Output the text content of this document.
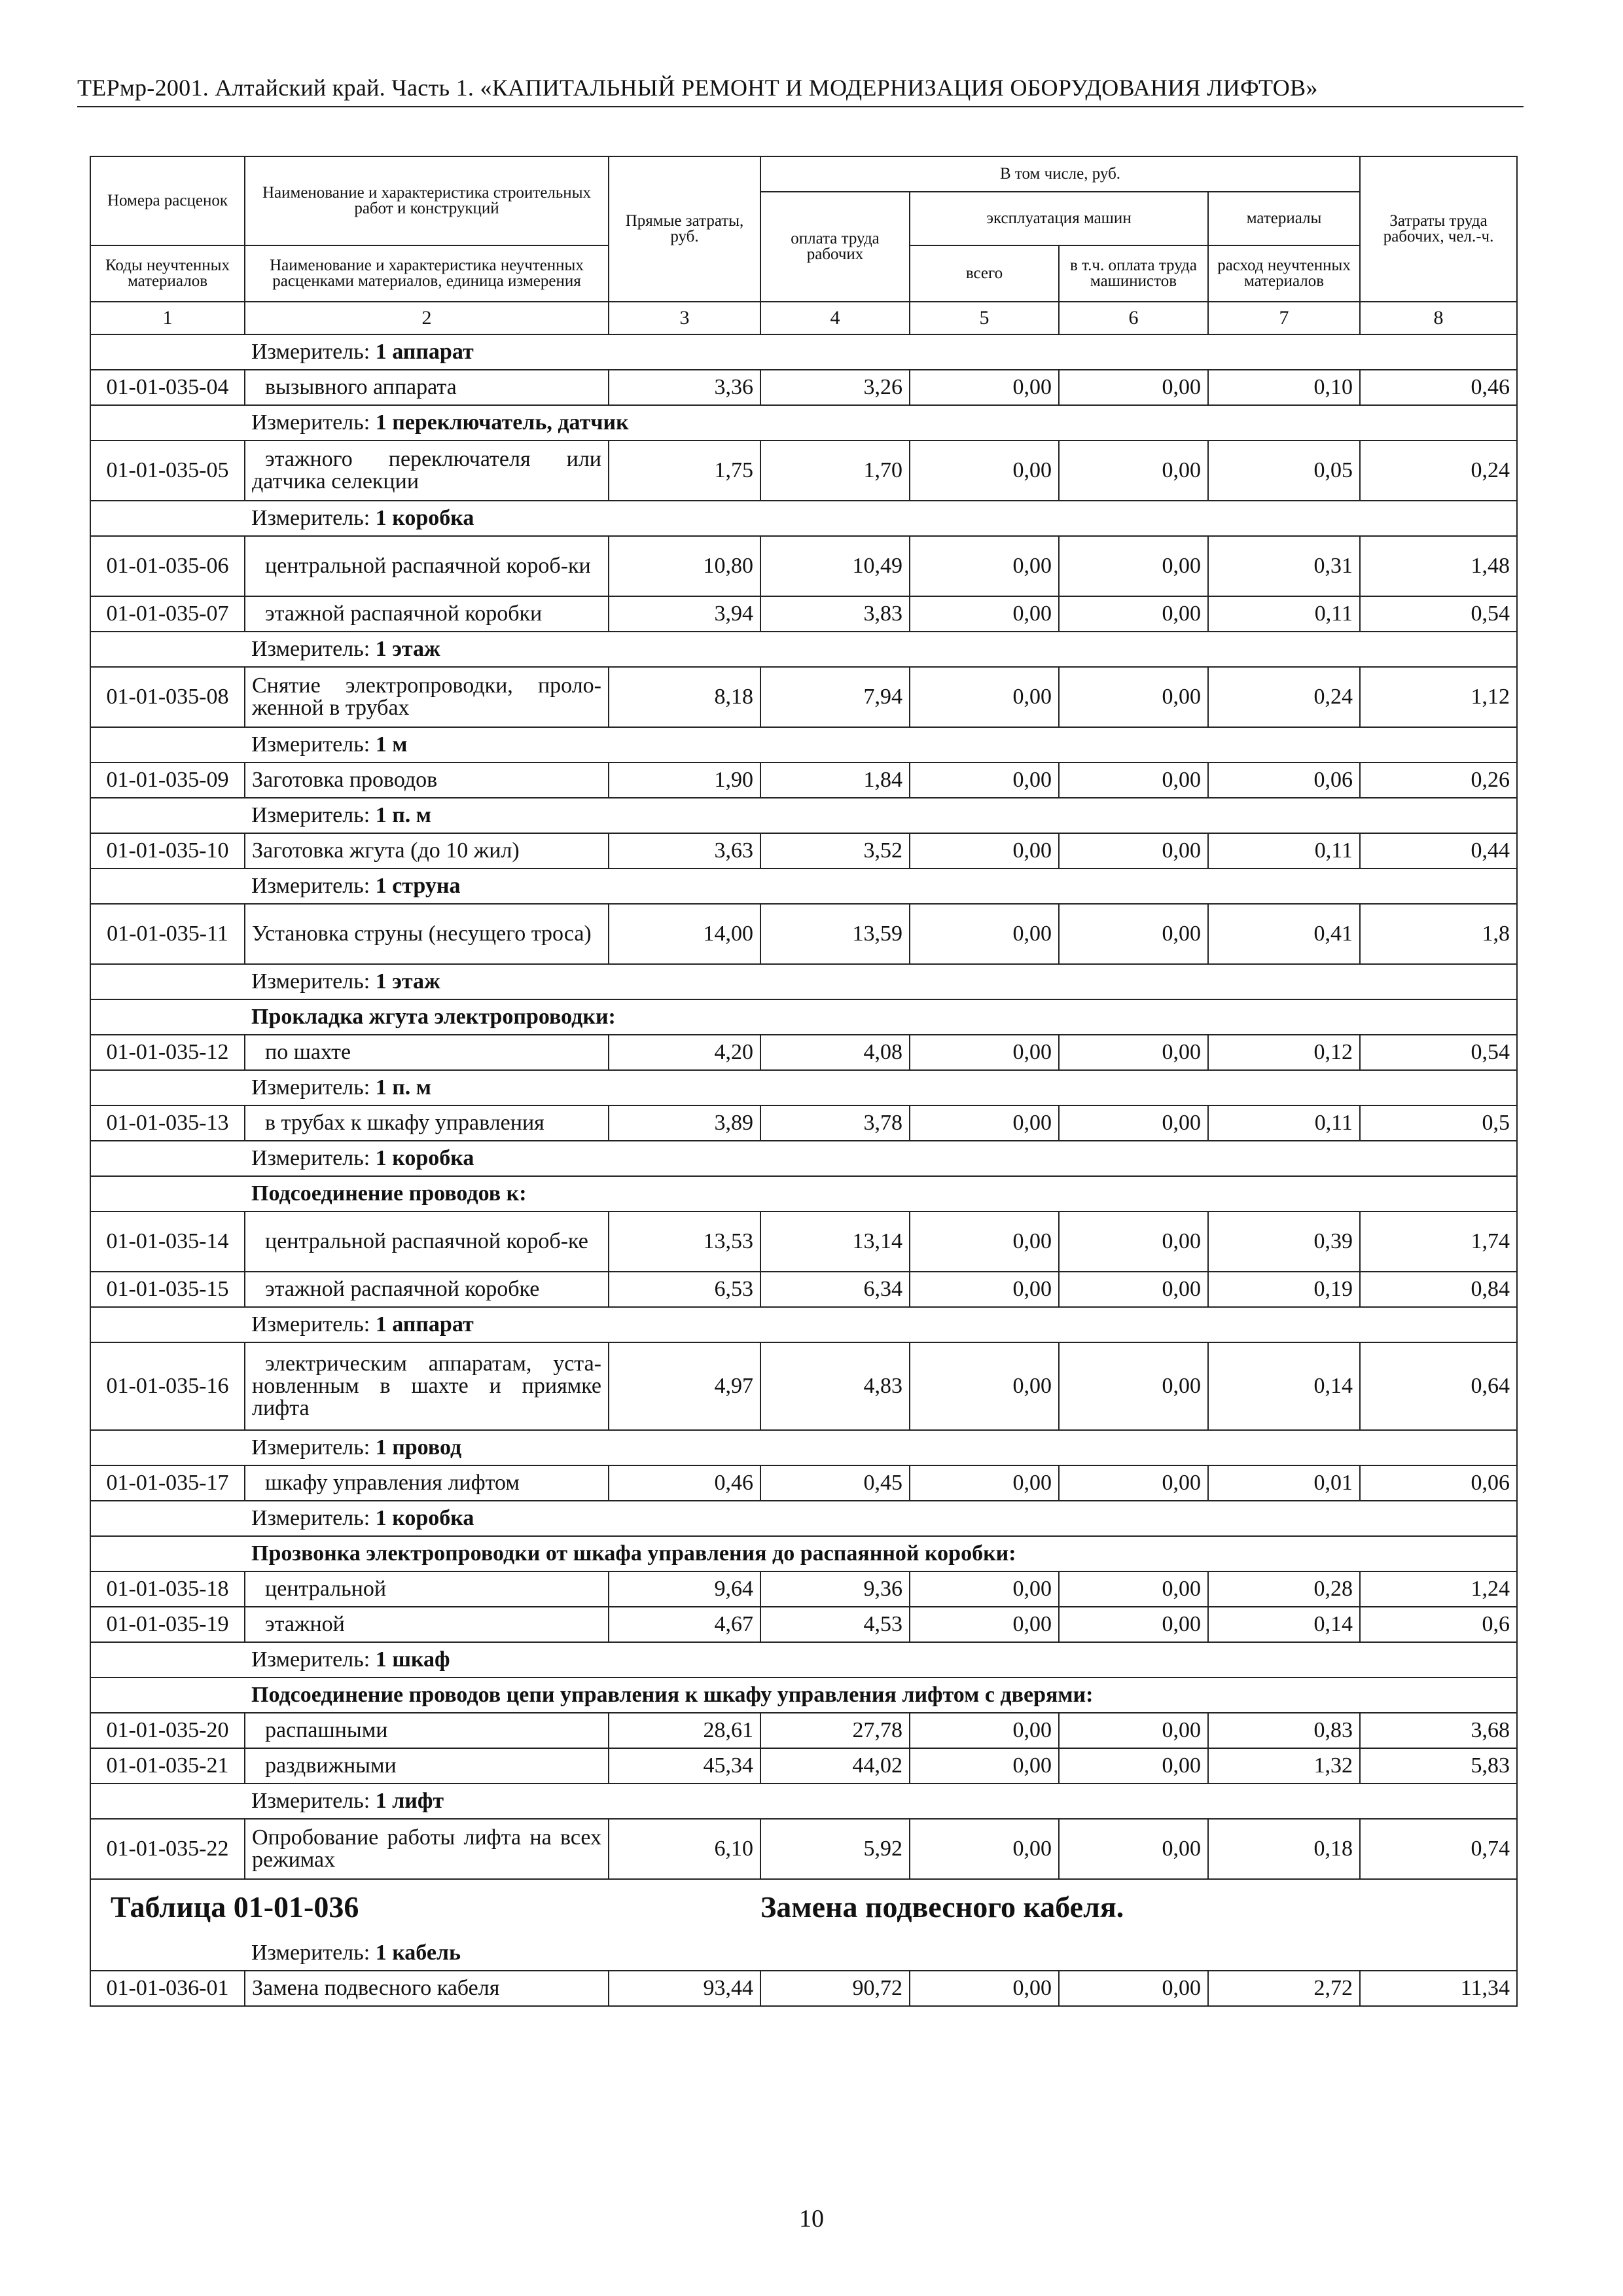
ТЕРмр-2001. Алтайский край. Часть 1. «КАПИТАЛЬНЫЙ РЕМОНТ И МОДЕРНИЗАЦИЯ ОБОРУДОВАНИЯ ЛИФТОВ»
Номера расценок	Наименование и характеристика строительных работ и конструкций	Прямые затраты, руб.	В том числе, руб.				Затраты труда рабочих, чел.-ч.
			оплата труда рабочих	эксплуатация машин		материалы	
				всего	в т.ч. оплата труда машинистов	расход неучтенных материалов	
Коды неучтенных материалов	Наименование и характеристика неучтенных расценками материалов, единица измерения						

1	2	3	4	5	6	7	8
	Измеритель: 1 аппарат						
01-01-035-04	вызывного аппарата	3,36	3,26	0,00	0,00	0,10	0,46
	Измеритель: 1 переключатель, датчик						
01-01-035-05	этажного переключателя или датчика селекции	1,75	1,70	0,00	0,00	0,05	0,24
	Измеритель: 1 коробка						
01-01-035-06	центральной распаячной короб-ки	10,80	10,49	0,00	0,00	0,31	1,48
01-01-035-07	этажной распаячной коробки	3,94	3,83	0,00	0,00	0,11	0,54
	Измеритель: 1 этаж						
01-01-035-08	Снятие электропроводки, проло-женной в трубах	8,18	7,94	0,00	0,00	0,24	1,12
	Измеритель: 1 м						
01-01-035-09	Заготовка проводов	1,90	1,84	0,00	0,00	0,06	0,26
	Измеритель: 1 п. м						
01-01-035-10	Заготовка жгута (до 10 жил)	3,63	3,52	0,00	0,00	0,11	0,44
	Измеритель: 1 струна						
01-01-035-11	Установка струны (несущего троса)	14,00	13,59	0,00	0,00	0,41	1,8
	Измеритель: 1 этаж						
	Прокладка жгута электропроводки:						
01-01-035-12	по шахте	4,20	4,08	0,00	0,00	0,12	0,54
	Измеритель: 1 п. м						
01-01-035-13	в трубах к шкафу управления	3,89	3,78	0,00	0,00	0,11	0,5
	Измеритель: 1 коробка						
	Подсоединение проводов к:						
01-01-035-14	центральной распаячной короб-ке	13,53	13,14	0,00	0,00	0,39	1,74
01-01-035-15	этажной распаячной коробке	6,53	6,34	0,00	0,00	0,19	0,84
	Измеритель: 1 аппарат						
01-01-035-16	электрическим аппаратам, уста-новленным в шахте и приямке лифта	4,97	4,83	0,00	0,00	0,14	0,64
	Измеритель: 1 провод						
01-01-035-17	шкафу управления лифтом	0,46	0,45	0,00	0,00	0,01	0,06
	Измеритель: 1 коробка						
	Прозвонка электропроводки от шкафа управления до распаянной коробки:						
01-01-035-18	центральной	9,64	9,36	0,00	0,00	0,28	1,24
01-01-035-19	этажной	4,67	4,53	0,00	0,00	0,14	0,6
	Измеритель: 1 шкаф						
	Подсоединение проводов цепи управления к шкафу управления лифтом с дверями:						
01-01-035-20	распашными	28,61	27,78	0,00	0,00	0,83	3,68
01-01-035-21	раздвижными	45,34	44,02	0,00	0,00	1,32	5,83
	Измеритель: 1 лифт						
01-01-035-22	Опробование работы лифта на всех режимах	6,10	5,92	0,00	0,00	0,18	0,74
Таблица 01-01-036			Замена подвесного кабеля.				
	Измеритель: 1 кабель						
01-01-036-01	Замена подвесного кабеля	93,44	90,72	0,00	0,00	2,72	11,34
10
